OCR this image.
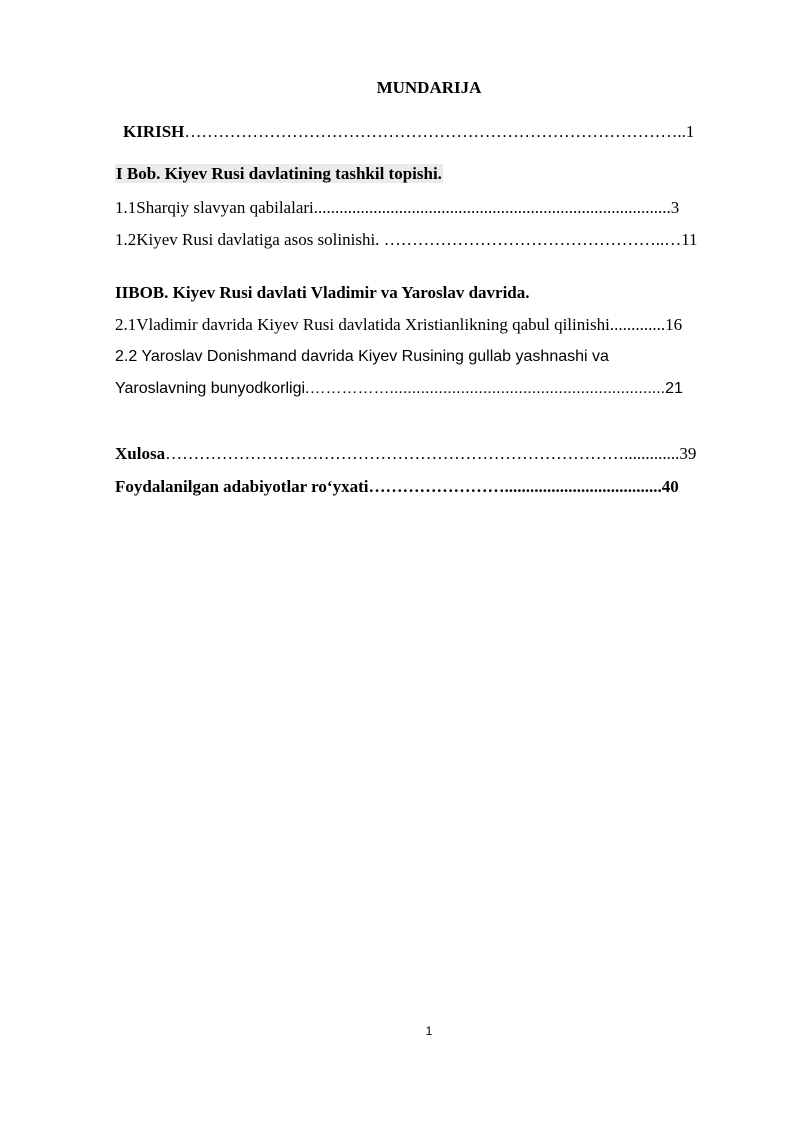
MUNDARIJA
KIRISH……………………………………………………………………………..1
I Bob. Kiyev Rusi davlatining tashkil topishi.
1.1Sharqiy slavyan qabilalari....................................................................................3
1.2Kiyev Rusi davlatiga asos solinishi. …………………………………………..…11
IIBOB. Kiyev Rusi davlati Vladimir va Yaroslav davrida.
2.1Vladimir davrida Kiyev Rusi davlatida Xristianlikning qabul qilinishi.............16
2.2 Yaroslav Donishmand davrida Kiyev Rusining gullab yashnashi va
Yaroslavning bunyodkorligi.……………..............................................................21
Xulosa……………………………………………………………………….............39
Foydalanilgan adabiyotlar ro‘yxati…………………….....................................40
1
